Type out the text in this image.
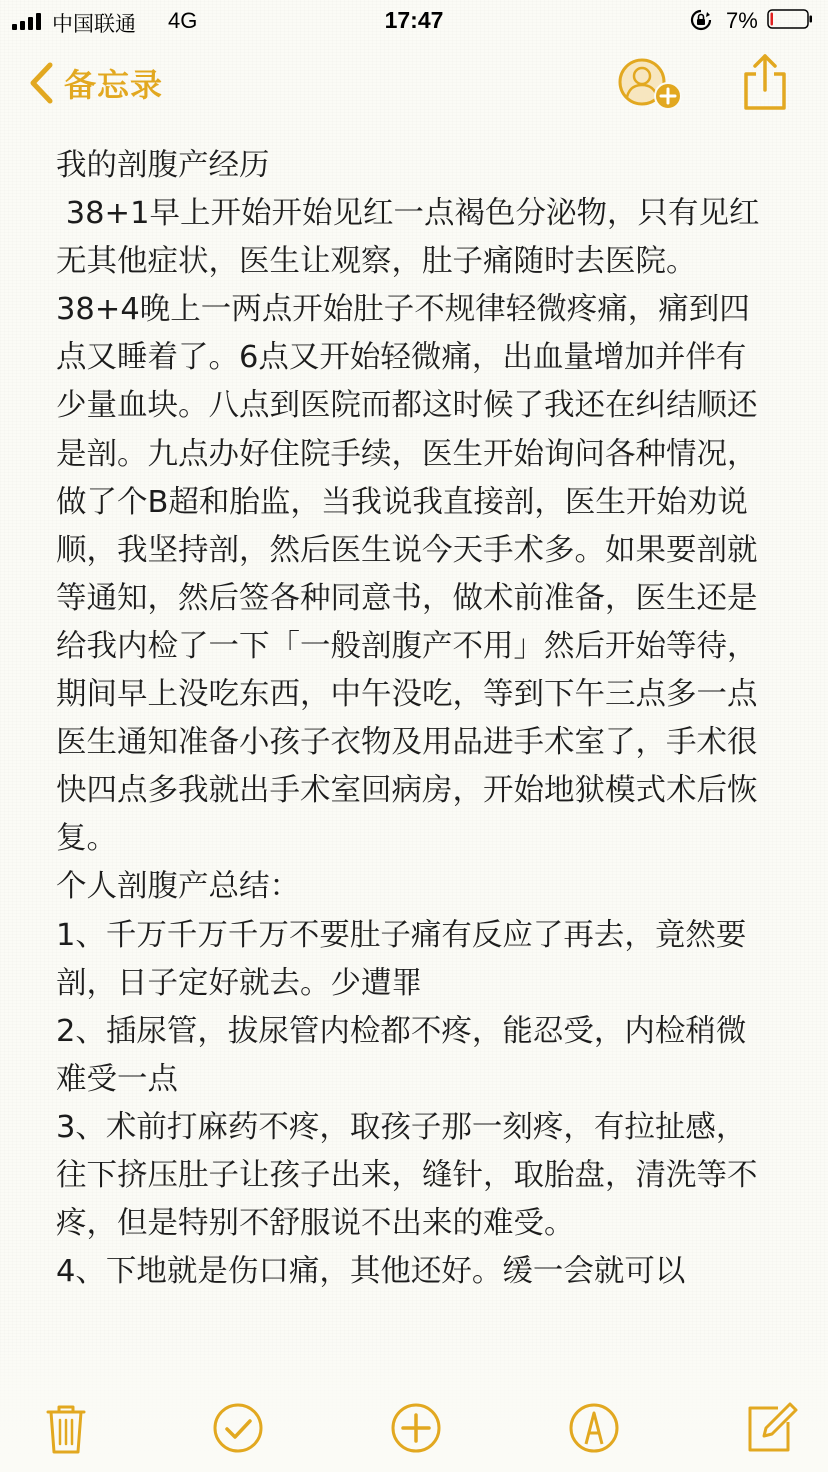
中国联通 4G	17:47	7%
备忘录

我的剖腹产经历

38+1早上开始开始见红一点褐色分泌物，只有见红无其他症状，医生让观察，肚子痛随时去医院。38+4晚上一两点开始肚子不规律轻微疼痛，痛到四点又睡着了。6点又开始轻微痛，出血量增加并伴有少量血块。八点到医院而都这时候了我还在纠结顺还是剖。九点办好住院手续，医生开始询问各种情况，做了个B超和胎监，当我说我直接剖，医生开始劝说顺，我坚持剖，然后医生说今天手术多。如果要剖就等通知，然后签各种同意书，做术前准备，医生还是给我内检了一下「一般剖腹产不用」然后开始等待，期间早上没吃东西，中午没吃，等到下午三点多一点医生通知准备小孩子衣物及用品进手术室了，手术很快四点多我就出手术室回病房，开始地狱模式术后恢复。

个人剖腹产总结：

1、千万千万千万不要肚子痛有反应了再去，竟然要剖，日子定好就去。少遭罪

2、插尿管，拔尿管内检都不疼，能忍受，内检稍微难受一点

3、术前打麻药不疼，取孩子那一刻疼，有拉扯感，往下挤压肚子让孩子出来，缝针，取胎盘，清洗等不疼，但是特别不舒服说不出来的难受。

4、下地就是伤口痛，其他还好。缓一会就可以
